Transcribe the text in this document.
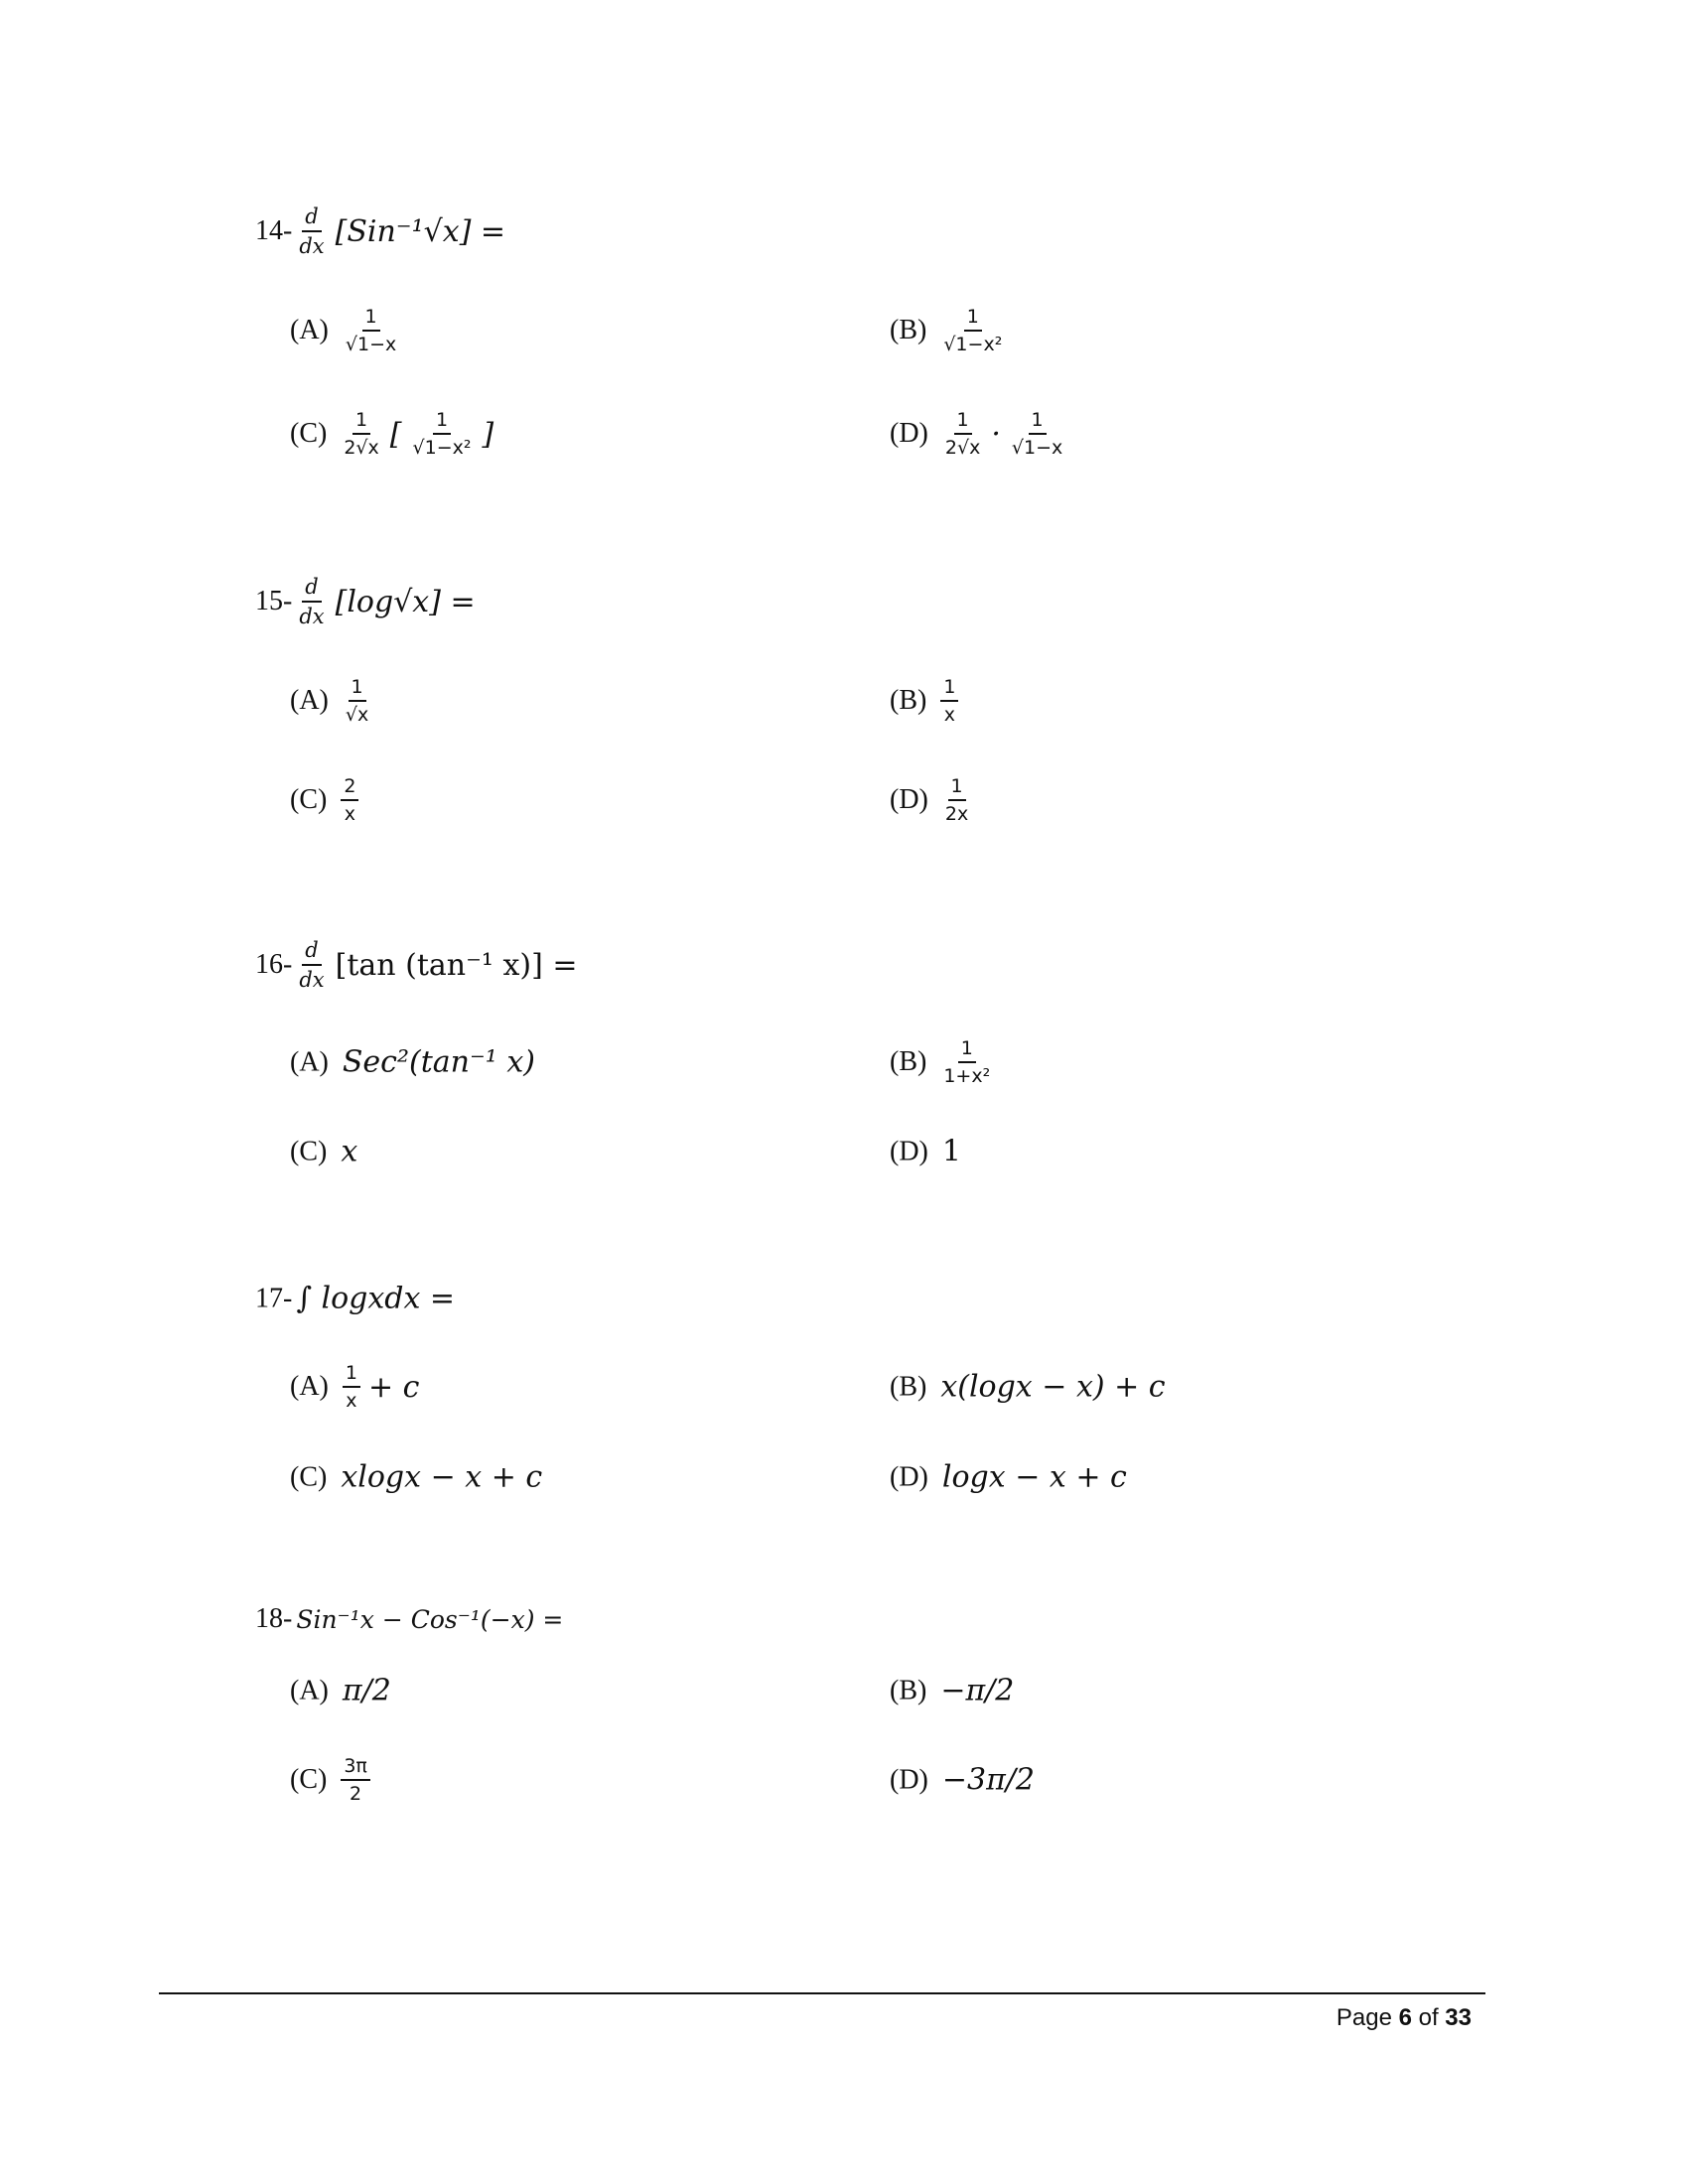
$14- \frac{d}{dx} [Sin^{-1}√x]$ =
$(A) \frac{1}{√1-x}$	$(B) \frac{1}{\text{√1−x²}}$
$(C) \frac{1}{2√x}$ [ $\frac{1}{\text{√1−x²}}$ ]	$(D) \frac{1}{2√x} \cdot \frac{1}{√1-x}$
$15- \frac{d}{dx} [\log√x]$ =
$(A) \frac{1}{√x}$	$(B) \frac{1}{x}$
$(C) \frac{2}{x}$	$(D) \frac{1}{2x}$
$16- \frac{d}{dx} [\tan$ (tan⁻¹ x)] =
(A) Sec²(tan⁻¹ x)	$(B) \frac{1}{\text{1+x²}}$
(C) x	(D) 1
17- ∫ logxdx =
$(A) \frac{1}{x} + c$	(B) x(logx − x) + c
(C) xlogx − x + c	(D) logx − x + c
18- Sin⁻¹x − Cos⁻¹(−x) =
(A) π/2	(B) −π/2
$(C) \frac{3\pi}{2}$	(D) −3π/2
Page 6 of 33
